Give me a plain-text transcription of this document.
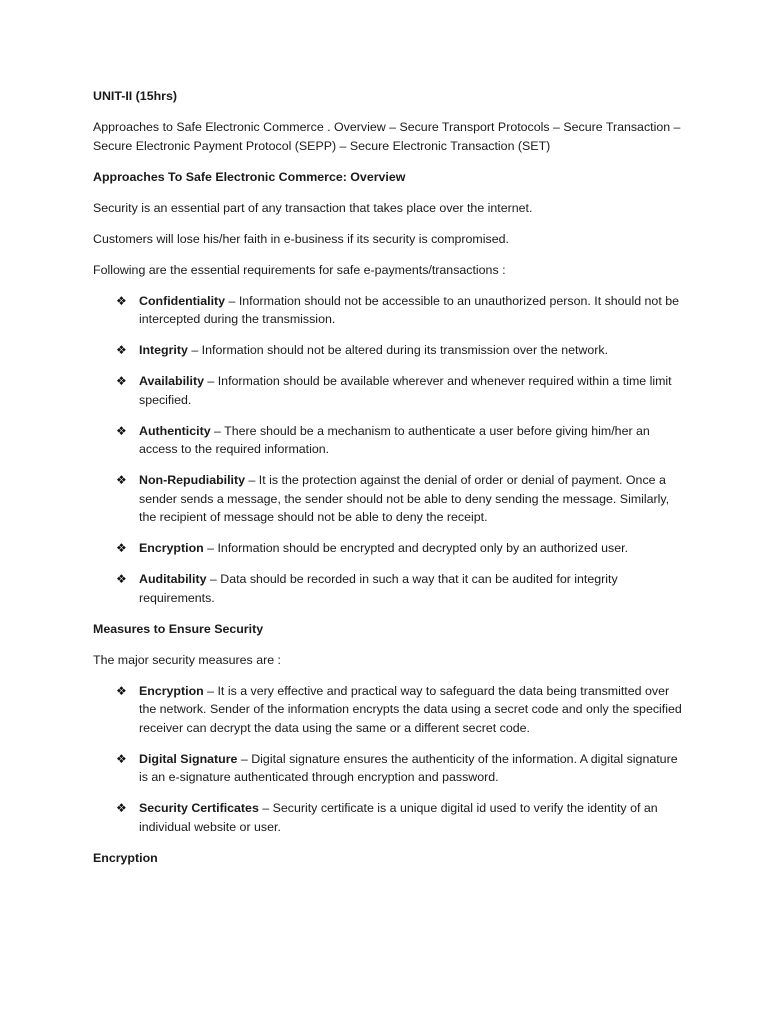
UNIT-II (15hrs)

Approaches to Safe Electronic Commerce . Overview – Secure Transport Protocols – Secure Transaction – Secure Electronic Payment Protocol (SEPP) – Secure Electronic Transaction (SET)

Approaches To Safe Electronic Commerce: Overview

Security is an essential part of any transaction that takes place over the internet.

Customers will lose his/her faith in e-business if its security is compromised.

Following are the essential requirements for safe e-payments/transactions :

❖ Confidentiality – Information should not be accessible to an unauthorized person. It should not be intercepted during the transmission.
❖ Integrity – Information should not be altered during its transmission over the network.
❖ Availability – Information should be available wherever and whenever required within a time limit specified.
❖ Authenticity – There should be a mechanism to authenticate a user before giving him/her an access to the required information.
❖ Non-Repudiability – It is the protection against the denial of order or denial of payment. Once a sender sends a message, the sender should not be able to deny sending the message. Similarly, the recipient of message should not be able to deny the receipt.
❖ Encryption – Information should be encrypted and decrypted only by an authorized user.
❖ Auditability – Data should be recorded in such a way that it can be audited for integrity requirements.

Measures to Ensure Security

The major security measures are :

❖ Encryption – It is a very effective and practical way to safeguard the data being transmitted over the network. Sender of the information encrypts the data using a secret code and only the specified receiver can decrypt the data using the same or a different secret code.
❖ Digital Signature – Digital signature ensures the authenticity of the information. A digital signature is an e-signature authenticated through encryption and password.
❖ Security Certificates – Security certificate is a unique digital id used to verify the identity of an individual website or user.

Encryption
